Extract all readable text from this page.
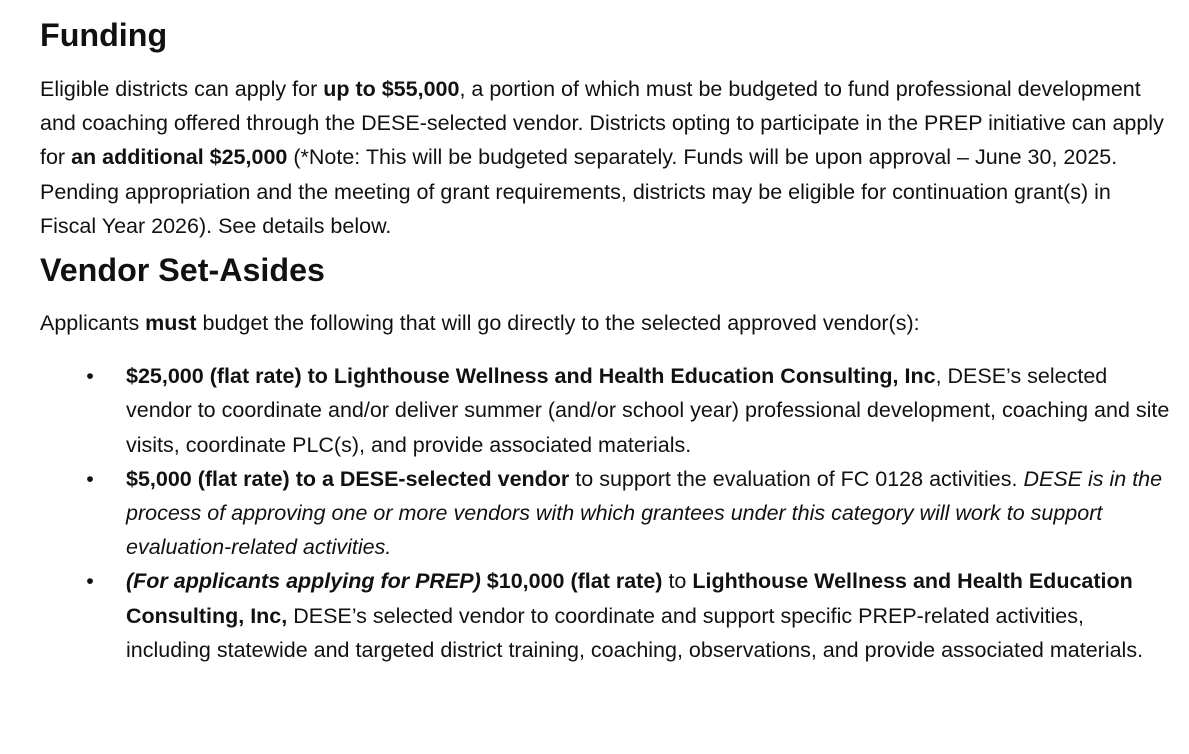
Funding

Eligible districts can apply for up to $55,000, a portion of which must be budgeted to fund professional development and coaching offered through the DESE-selected vendor. Districts opting to participate in the PREP initiative can apply for an additional $25,000 (*Note: This will be budgeted separately. Funds will be upon approval – June 30, 2025. Pending appropriation and the meeting of grant requirements, districts may be eligible for continuation grant(s) in Fiscal Year 2026). See details below.

Vendor Set-Asides

Applicants must budget the following that will go directly to the selected approved vendor(s):

• $25,000 (flat rate) to Lighthouse Wellness and Health Education Consulting, Inc, DESE’s selected vendor to coordinate and/or deliver summer (and/or school year) professional development, coaching and site visits, coordinate PLC(s), and provide associated materials.
• $5,000 (flat rate) to a DESE-selected vendor to support the evaluation of FC 0128 activities. DESE is in the process of approving one or more vendors with which grantees under this category will work to support evaluation-related activities.
• (For applicants applying for PREP) $10,000 (flat rate) to Lighthouse Wellness and Health Education Consulting, Inc, DESE’s selected vendor to coordinate and support specific PREP-related activities, including statewide and targeted district training, coaching, observations, and provide associated materials.
